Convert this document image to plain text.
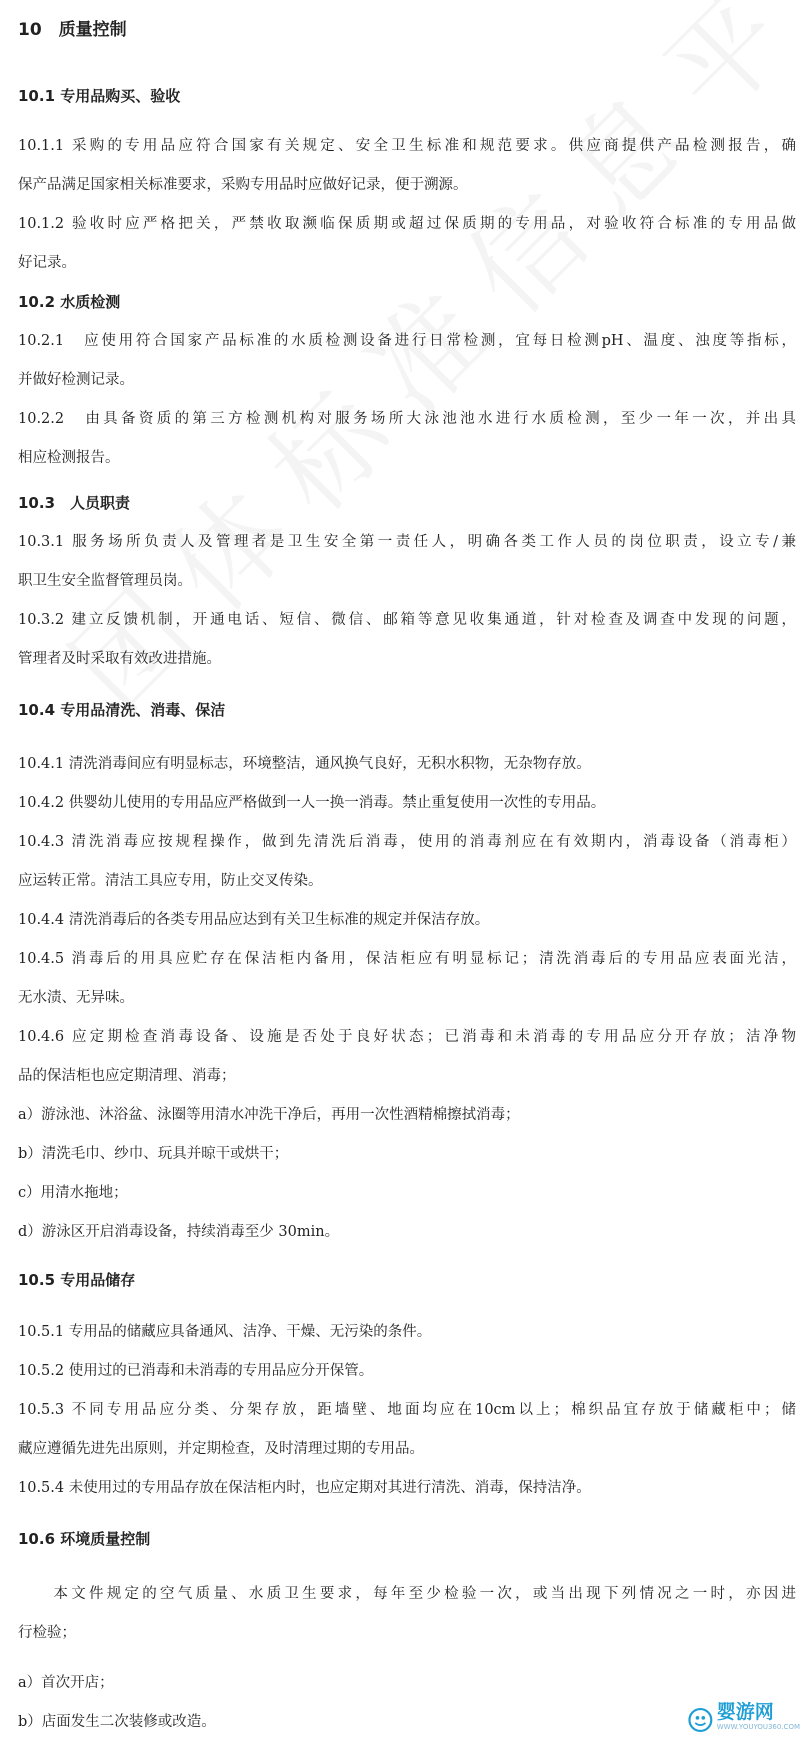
10　质量控制
10.1 专用品购买、验收
10.1.1 采购的专用品应符合国家有关规定、安全卫生标准和规范要求。供应商提供产品检测报告，确
保产品满足国家相关标准要求，采购专用品时应做好记录，便于溯源。
10.1.2 验收时应严格把关，严禁收取濒临保质期或超过保质期的专用品，对验收符合标准的专用品做
好记录。
10.2 水质检测
10.2.1　应使用符合国家产品标准的水质检测设备进行日常检测，宜每日检测pH、温度、浊度等指标，
并做好检测记录。
10.2.2　由具备资质的第三方检测机构对服务场所大泳池池水进行水质检测，至少一年一次，并出具
相应检测报告。
10.3　人员职责
10.3.1 服务场所负责人及管理者是卫生安全第一责任人，明确各类工作人员的岗位职责，设立专/兼
职卫生安全监督管理员岗。
10.3.2 建立反馈机制，开通电话、短信、微信、邮箱等意见收集通道，针对检查及调查中发现的问题，
管理者及时采取有效改进措施。
10.4 专用品清洗、消毒、保洁
10.4.1 清洗消毒间应有明显标志，环境整洁，通风换气良好，无积水积物，无杂物存放。
10.4.2 供婴幼儿使用的专用品应严格做到一人一换一消毒。禁止重复使用一次性的专用品。
10.4.3 清洗消毒应按规程操作，做到先清洗后消毒，使用的消毒剂应在有效期内，消毒设备（消毒柜）
应运转正常。清洁工具应专用，防止交叉传染。
10.4.4 清洗消毒后的各类专用品应达到有关卫生标准的规定并保洁存放。
10.4.5 消毒后的用具应贮存在保洁柜内备用，保洁柜应有明显标记；清洗消毒后的专用品应表面光洁，
无水渍、无异味。
10.4.6 应定期检查消毒设备、设施是否处于良好状态；已消毒和未消毒的专用品应分开存放；洁净物
品的保洁柜也应定期清理、消毒；
a）游泳池、沐浴盆、泳圈等用清水冲洗干净后，再用一次性酒精棉擦拭消毒；
b）清洗毛巾、纱巾、玩具并晾干或烘干；
c）用清水拖地；
d）游泳区开启消毒设备，持续消毒至少 30min。
10.5 专用品储存
10.5.1 专用品的储藏应具备通风、洁净、干燥、无污染的条件。
10.5.2 使用过的已消毒和未消毒的专用品应分开保管。
10.5.3 不同专用品应分类、分架存放，距墙壁、地面均应在10cm以上；棉织品宜存放于储藏柜中；储
藏应遵循先进先出原则，并定期检查，及时清理过期的专用品。
10.5.4 未使用过的专用品存放在保洁柜内时，也应定期对其进行清洗、消毒，保持洁净。
10.6 环境质量控制
　　本文件规定的空气质量、水质卫生要求，每年至少检验一次，或当出现下列情况之一时，亦因进
行检验；
a）首次开店；
b）店面发生二次装修或改造。	婴游网
WWW.YOUYOU360.COM
